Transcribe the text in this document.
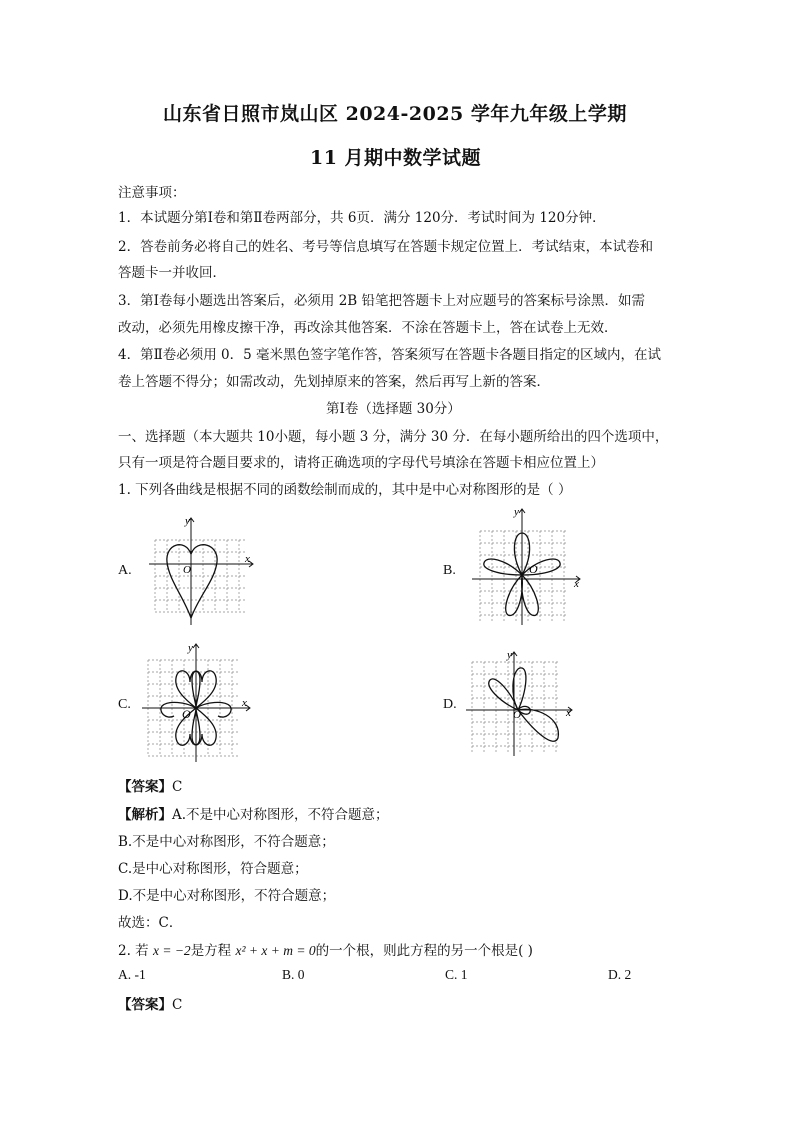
山东省日照市岚山区 2024-2025 学年九年级上学期
11 月期中数学试题
注意事项：
1．本试题分第Ⅰ卷和第Ⅱ卷两部分，共 6页．满分 120分．考试时间为 120分钟．
2．答卷前务必将自己的姓名、考号等信息填写在答题卡规定位置上．考试结束，本试卷和
答题卡一并收回．
3．第Ⅰ卷每小题选出答案后，必须用 2B 铅笔把答题卡上对应题号的答案标号涂黑．如需
改动，必须先用橡皮擦干净，再改涂其他答案．不涂在答题卡上，答在试卷上无效．
4．第Ⅱ卷必须用 0．5 毫米黑色签字笔作答，答案须写在答题卡各题目指定的区域内，在试
卷上答题不得分；如需改动，先划掉原来的答案，然后再写上新的答案．
第Ⅰ卷（选择题 30分）
一、选择题（本大题共 10小题，每小题 3 分，满分 30 分．在每小题所给出的四个选项中，
只有一项是符合题目要求的，请将正确选项的字母代号填涂在答题卡相应位置上）
1. 下列各曲线是根据不同的函数绘制而成的，其中是中心对称图形的是（ ）
A.	B.
C.	D.
x
y
O
x
y
O
x
y
O	x
y
O
【答案】C
【解析】A.不是中心对称图形，不符合题意；
B.不是中心对称图形，不符合题意；
C.是中心对称图形，符合题意；
D.不是中心对称图形，不符合题意；
故选：C．
2. 若 x = −2是方程 x² + x + m = 0的一个根，则此方程的另一个根是( )
A. -1	B. 0	C. 1	D. 2
【答案】C
